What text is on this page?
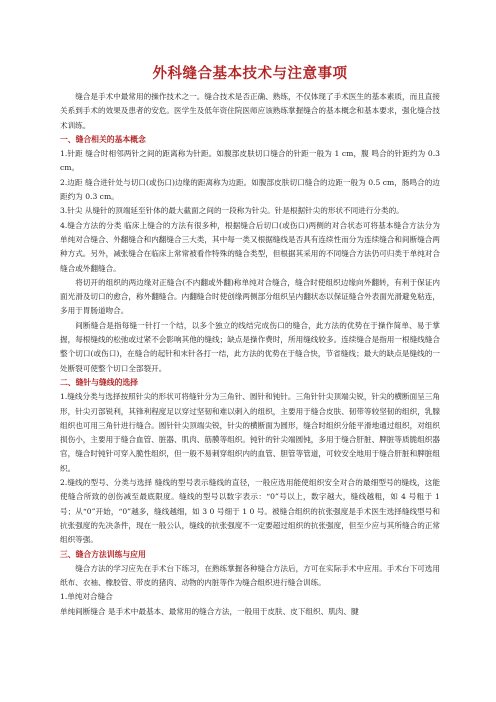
外科缝合基本技术与注意事项

缝合是手术中最常用的操作技术之一。缝合技术是否正确、熟练，不仅体现了手术医生的基本素质，而且直接关系到手术的效果及患者的安危。医学生及低年资住院医师应该熟练掌握缝合的基本概念和基本要求，强化缝合技术训练。

一、缝合相关的基本概念

1.针距 缝合时相邻两针之间的距离称为针距。如腹部皮肤切口缝合的针距一般为 1 cm，腹 鸣合的针距约为 0.3 cm。

2.边距 缝合进针处与切口(或伤口)边缘的距离称为边距。如腹部皮肤切口缝合的边距一般为 0.5 cm，肠鸣合的边距约为 0.3 cm。

3.针尖 从缝针的顶端延至针体的最大截面之间的一段称为针尖。针是根据针尖的形状不同进行分类的。

4.缝合方法的分类 临床上缝合的方法有很多种，根据缝合后切口(或伤口)两侧的对合状态可将基本缝合方法分为单纯对合缝合、外翻缝合和内翻缝合三大类，其中每一类又根据缝线是否具有连续性而分为连续缝合和间断缝合两种方式。另外，减张缝合在临床上常常被看作特殊的缝合类型，但根据其采用的不同缝合方法仍可归类于单纯对合缝合或外翻缝合。

将切开的组织的两边缘对正缝合(不内翻或外翻)称单纯对合缝合，缝合时使组织边缘向外翻转，有利于保证内面光滑及切口的愈合，称外翻缝合。内翻缝合时使创缘两侧部分组织呈内翻状态以保证缝合外表面光滑避免粘连，多用于胃肠道吻合。

间断缝合是指每缝一针打一个结，以多个独立的线结完成伤口的缝合，此方法的优势在于操作简单、易于掌握，每根缝线的松弛或过紧不会影响其他的缝线；缺点是操作费时，所用缝线较多。连续缝合是指用一根缝线缝合整个切口(或伤口)，在缝合的起针和末针各打一结，此方法的优势在于缝合快，节省缝线；最大的缺点是缝线的一处断裂可使整个切口全部裂开。

二、缝针与缝线的选择

1.缝线分类与选择按照针尖的形状可将缝针分为三角针、圆针和钝针。三角针针尖顶端尖锐，针尖的横断面呈三角形，针尖刃部锐利，其锋利程度足以穿过坚韧和难以刺入的组织，主要用于缝合皮肤、韧带等较坚韧的组织，乳腺组织也可用三角针进行缝合。圆针针尖顶端尖锐，针尖的横断面为圆形，缝合时组织分能平滑地通过组织，对组织损伤小，主要用于缝合血管、脏器、肌肉、筋膜等组织。钝针的针尖端圆钝，多用于缝合肝脏、脾脏等质脆组织器官，缝合时钝针可穿入脆性组织，但一般不易刺穿组织内的血管、胆管等管道，可较安全地用于缝合肝脏和脾脏组织。

2.缝线的型号、分类与选择 缝线的型号表示缝线的直径，一般应选用能使组织安全对合的最细型号的缝线，这能使缝合所致的创伤减至最底限度。缝线的型号以数字表示：“0”号以上，数字越大，缝线越粗，如 4 号粗于 1 号；从“0”开始，“0”越多，缝线越细，如 3 0 号细于 1 0 号。被缝合组织的抗张强度是手术医生选择缝线型号和抗张强度的先决条件，现在一般公认，缝线的抗张强度不一定要超过组织的抗张强度，但至少应与其所缝合的正常组织等强。

三、缝合方法训练与应用

缝合方法的学习应先在手术台下练习，在熟练掌握各种缝合方法后，方可在实际手术中应用。手术台下可选用纸布、衣袖、橡胶管、带皮的猪肉、动物的内脏等作为缝合组织进行缝合训练。

1.单纯对合缝合

单纯间断缝合 是手术中最基本、最常用的缝合方法，一般用于皮肤、皮下组织、肌肉、腱
